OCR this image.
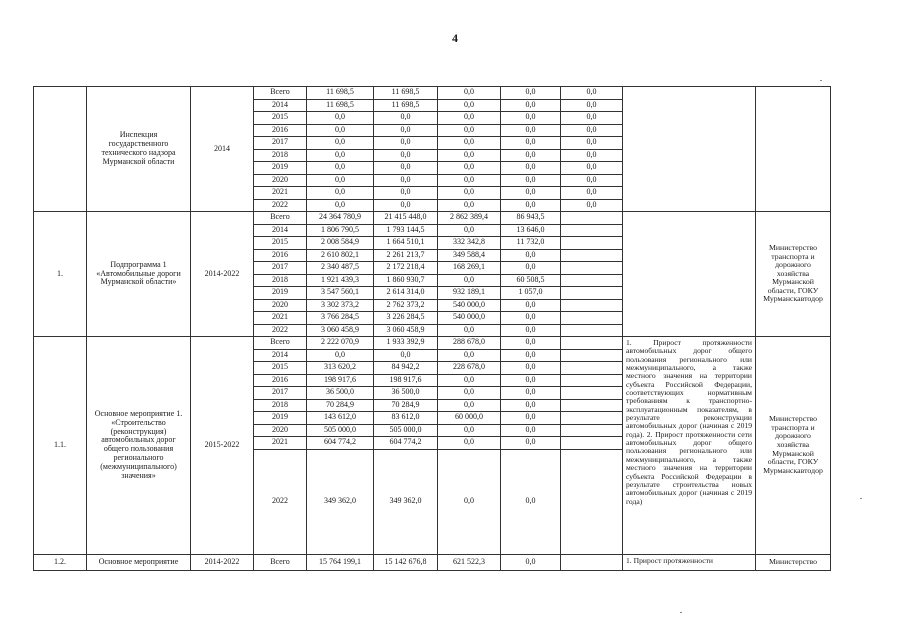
4
	Инспекция государственного технического надзора Мурманской области	2014	Всего	11 698,5	11 698,5	0,0	0,0	0,0		
			2014	11 698,5	11 698,5	0,0	0,0	0,0		
			2015	0,0	0,0	0,0	0,0	0,0		
			2016	0,0	0,0	0,0	0,0	0,0		
			2017	0,0	0,0	0,0	0,0	0,0		
			2018	0,0	0,0	0,0	0,0	0,0		
			2019	0,0	0,0	0,0	0,0	0,0		
			2020	0,0	0,0	0,0	0,0	0,0		
			2021	0,0	0,0	0,0	0,0	0,0		
			2022	0,0	0,0	0,0	0,0	0,0		
1.	Подпрограмма 1 «Автомобильные дороги Мурманской области»	2014-2022	Всего	24 364 780,9	21 415 448,0	2 862 389,4	86 943,5			Министерство транспорта и дорожного хозяйства Мурманской области, ГОКУ Мурманскавтодор
			2014	1 806 790,5	1 793 144,5	0,0	13 646,0			
			2015	2 008 584,9	1 664 510,1	332 342,8	11 732,0			
			2016	2 610 802,1	2 261 213,7	349 588,4	0,0			
			2017	2 340 487,5	2 172 218,4	168 269,1	0,0			
			2018	1 921 439,3	1 860 930,7	0,0	60 508,5			
			2019	3 547 560,1	2 614 314,0	932 189,1	1 057,0			
			2020	3 302 373,2	2 762 373,2	540 000,0	0,0			
			2021	3 766 284,5	3 226 284,5	540 000,0	0,0			
			2022	3 060 458,9	3 060 458,9	0,0	0,0			
1.1.	Основное мероприятие 1. «Строительство (реконструкция) автомобильных дорог общего пользования регионального (межмуниципального) значения»	2015-2022	Всего	2 222 070,9	1 933 392,9	288 678,0	0,0		1. Прирост протяженности автомобильных дорог общего пользования регионального или межмуниципального, а также местного значения на территории субъекта Российской Федерации, соответствующих нормативным требованиям к транспортно-эксплуатационным показателям, в результате реконструкции автомобильных дорог (начиная с 2019 года). 2. Прирост протяженности сети автомобильных дорог общего пользования регионального или межмуниципального, а также местного значения на территории субъекта Российской Федерации в результате строительства новых автомобильных дорог (начиная с 2019 года)	Министерство транспорта и дорожного хозяйства Мурманской области, ГОКУ Мурманскавтодор
			2014	0,0	0,0	0,0	0,0			
			2015	313 620,2	84 942,2	228 678,0	0,0			
			2016	198 917,6	198 917,6	0,0	0,0			
			2017	36 500,0	36 500,0	0,0	0,0			
			2018	70 284,9	70 284,9	0,0	0,0			
			2019	143 612,0	83 612,0	60 000,0	0,0			
			2020	505 000,0	505 000,0	0,0	0,0			
			2021	604 774,2	604 774,2	0,0	0,0			
			2022	349 362,0	349 362,0	0,0	0,0			
1.2.	Основное мероприятие	2014-2022	Всего	15 764 199,1	15 142 676,8	621 522,3	0,0		1. Прирост протяженности	Министерство
